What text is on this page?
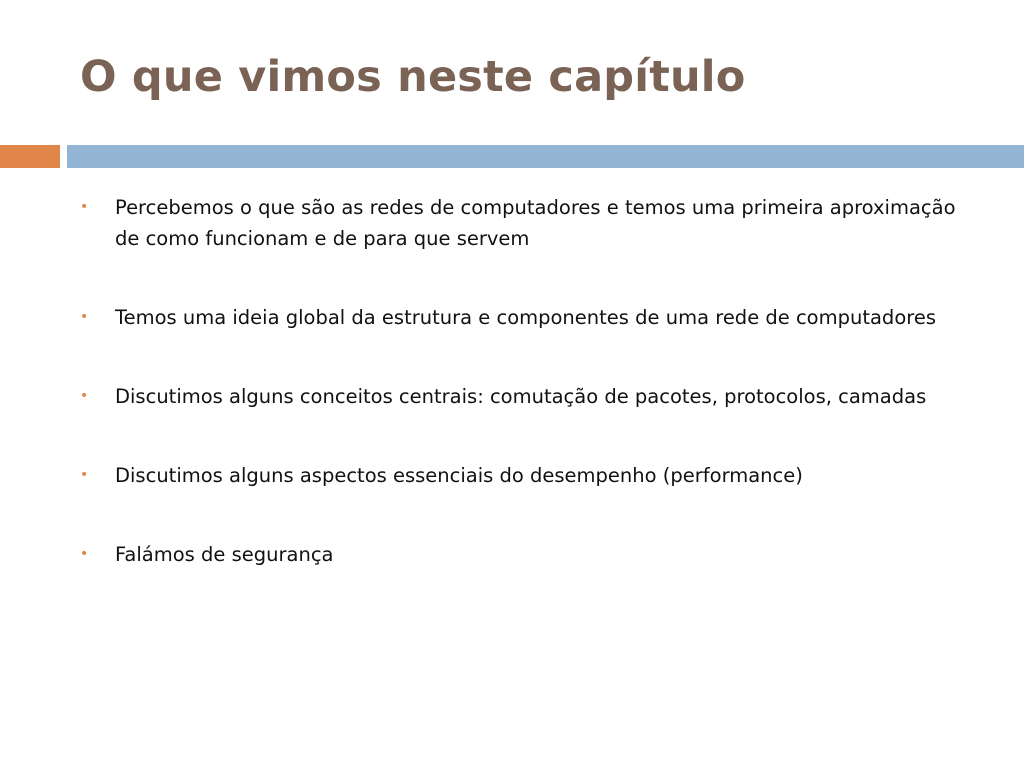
O que vimos neste capítulo
• Percebemos o que são as redes de computadores e temos uma primeira aproximação de como funcionam e de para que servem
• Temos uma ideia global da estrutura e componentes de uma rede de computadores
• Discutimos alguns conceitos centrais: comutação de pacotes, protocolos, camadas
• Discutimos alguns aspectos essenciais do desempenho (performance)
• Falámos de segurança
